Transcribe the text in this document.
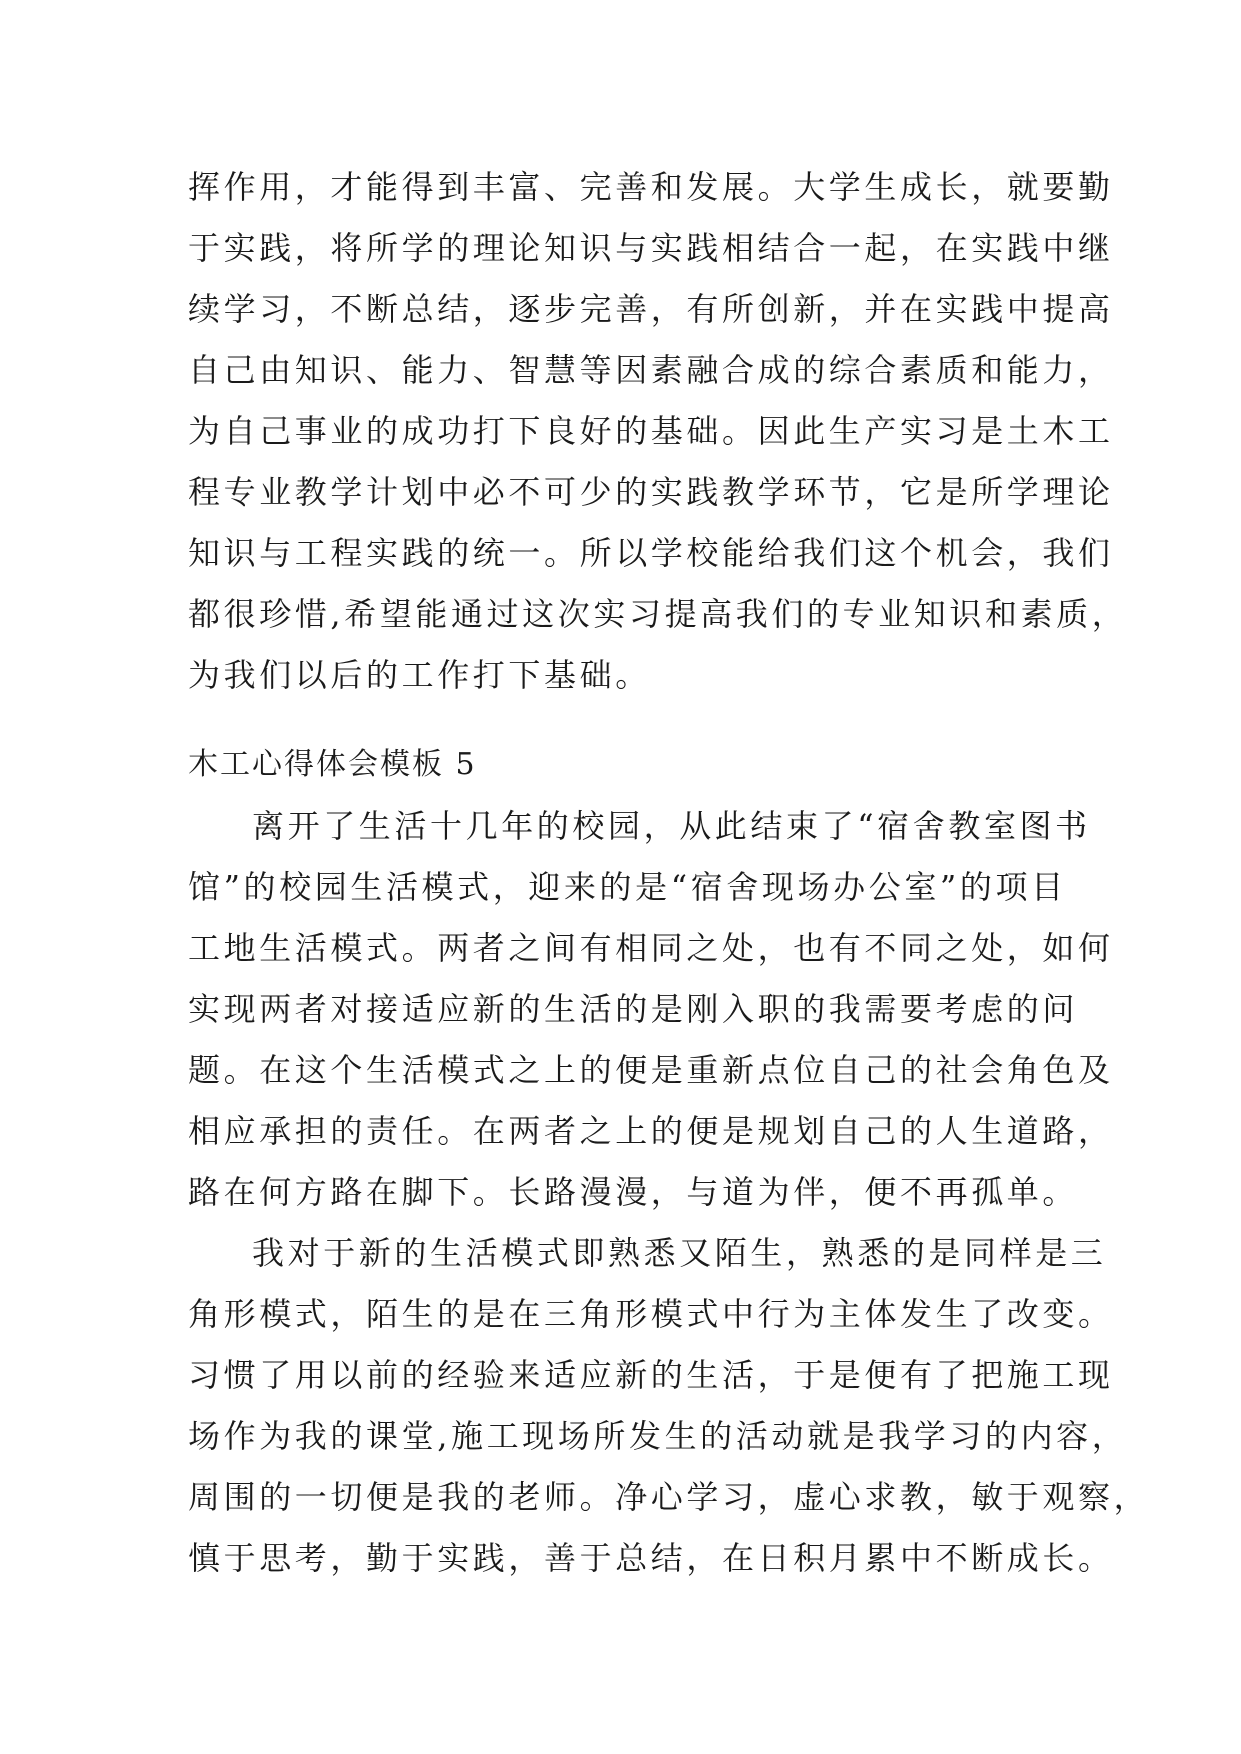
挥作用，才能得到丰富、完善和发展。大学生成长，就要勤
于实践，将所学的理论知识与实践相结合一起，在实践中继
续学习，不断总结，逐步完善，有所创新，并在实践中提高
自己由知识、能力、智慧等因素融合成的综合素质和能力，
为自己事业的成功打下良好的基础。因此生产实习是土木工
程专业教学计划中必不可少的实践教学环节，它是所学理论
知识与工程实践的统一。所以学校能给我们这个机会，我们
都很珍惜,希望能通过这次实习提高我们的专业知识和素质，
为我们以后的工作打下基础。
木工心得体会模板 5
离开了生活十几年的校园，从此结束了“宿舍教室图书
馆”的校园生活模式，迎来的是“宿舍现场办公室”的项目
工地生活模式。两者之间有相同之处，也有不同之处，如何
实现两者对接适应新的生活的是刚入职的我需要考虑的问
题。在这个生活模式之上的便是重新点位自己的社会角色及
相应承担的责任。在两者之上的便是规划自己的人生道路，
路在何方路在脚下。长路漫漫，与道为伴，便不再孤单。
我对于新的生活模式即熟悉又陌生，熟悉的是同样是三
角形模式，陌生的是在三角形模式中行为主体发生了改变。
习惯了用以前的经验来适应新的生活，于是便有了把施工现
场作为我的课堂,施工现场所发生的活动就是我学习的内容，
周围的一切便是我的老师。净心学习，虚心求教，敏于观察，
慎于思考，勤于实践，善于总结，在日积月累中不断成长。
